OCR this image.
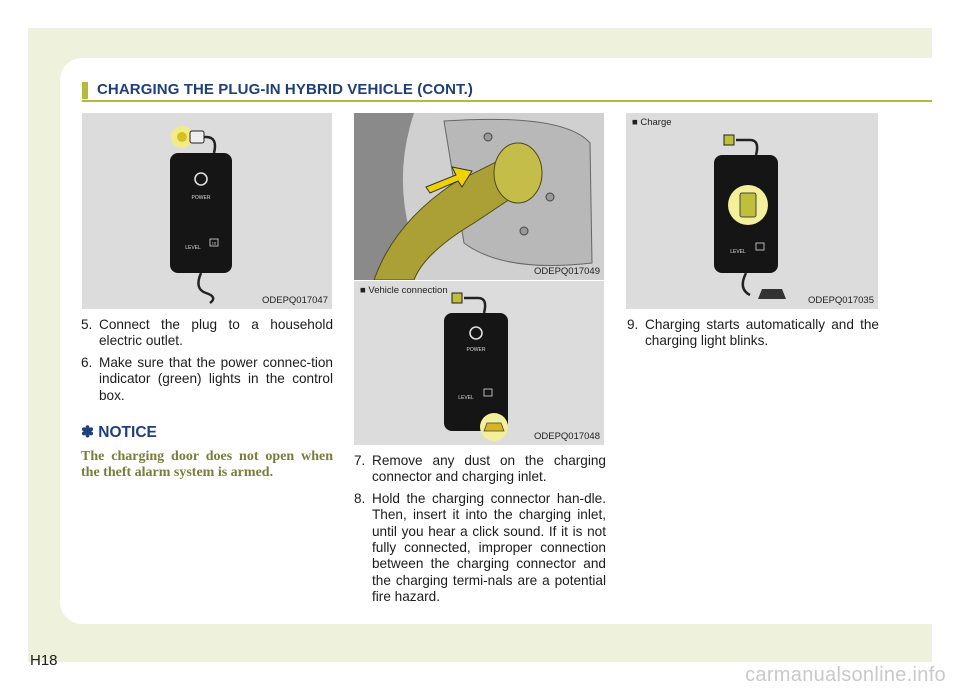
CHARGING THE PLUG-IN HYBRID VEHICLE (CONT.)
POWER
LEVEL
16
ODEPQ017047
ODEPQ017049
■ Vehicle connection
POWER
LEVEL
ODEPQ017048
■ Charge
LEVEL
ODEPQ017035
5. Connect the plug to a household electric outlet.
6. Make sure that the power connec-tion indicator (green) lights in the control box.
✽ NOTICE
The charging door does not open when the theft alarm system is armed.
7. Remove any dust on the charging connector and charging inlet.
8. Hold the charging connector han-dle. Then, insert it into the charging inlet, until you hear a click sound. If it is not fully connected, improper connection between the charging connector and the charging termi-nals are a potential fire hazard.
9. Charging starts automatically and the charging light blinks.
H18
carmanualsonline.info
